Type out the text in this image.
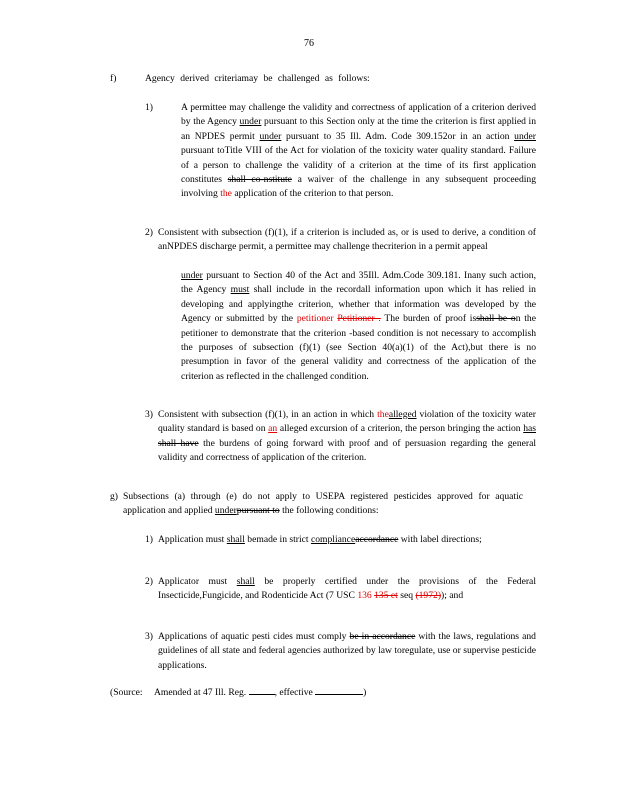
76
f)	Agency derived criteriamay be challenged as follows:
1)	A permittee may challenge the validity and correctness of application of a criterion derived by the Agency under pursuant to this Section only at the time the criterion is first applied in an NPDES permit under pursuant to 35 Ill. Adm. Code 309.152or in an action under pursuant toTitle VIII of the Act for violation of the toxicity water quality standard. Failure of a person to challenge the validity of a criterion at the time of its first application constitutes shall co-nstitute a waiver of the challenge in any subsequent proceeding involving the application of the criterion to that person.
2) Consistent with subsection (f)(1), if a criterion is included as, or is used to derive, a condition of anNPDES discharge permit, a permittee may challenge thecriterion in a permit appeal
under pursuant to Section 40 of the Act and 35Ill. Adm.Code 309.181. Inany such action, the Agency must shall include in the recordall information upon which it has relied in developing and applyingthe criterion, whether that information was developed by the Agency or submitted by the petitioner Petitioner . The burden of proof isshall be on the petitioner to demonstrate that the criterion -based condition is not necessary to accomplish the purposes of subsection (f)(1) (see Section 40(a)(1) of the Act),but there is no presumption in favor of the general validity and correctness of the application of the criterion as reflected in the challenged condition.
3) Consistent with subsection (f)(1), in an action in which thealleged violation of the toxicity water quality standard is based on an alleged excursion of a criterion, the person bringing the action has shall have the burdens of going forward with proof and of persuasion regarding the general validity and correctness of application of the criterion.
g) Subsections (a) through (e) do not apply to USEPA registered pesticides approved for aquatic application and applied underpursuant to the following conditions:
1) Application must shall bemade in strict complianceaccordance with label directions;
2) Applicator must shall be properly certified under the provisions of the Federal Insecticide,Fungicide, and Rodenticide Act (7 USC 136 135 et seq (1972)); and
3) Applications of aquatic pesti cides must comply be in accordance with the laws, regulations and guidelines of all state and federal agencies authorized by law toregulate, use or supervise pesticide applications.
(Source: Amended at 47 Ill. Reg.	, effective	)
